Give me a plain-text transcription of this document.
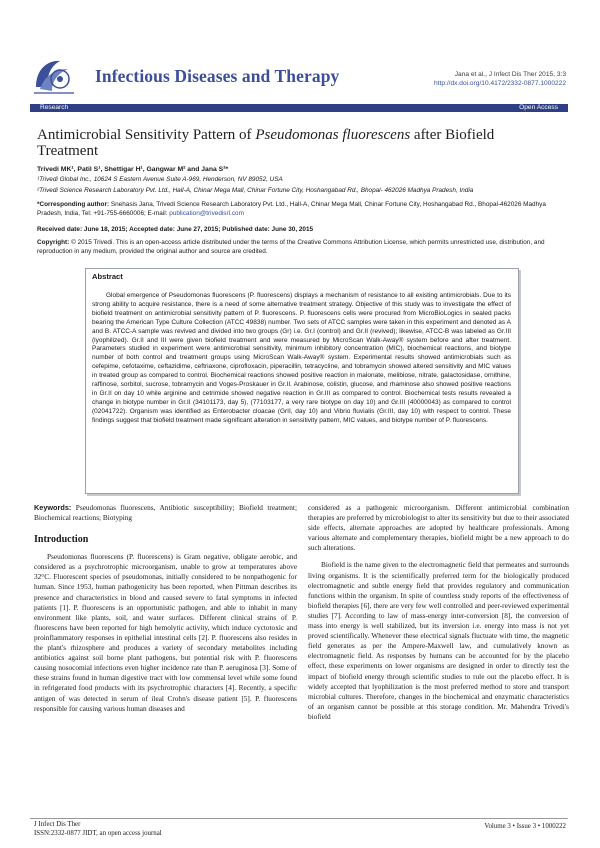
Infectious Diseases and Therapy	Jana et al., J Infect Dis Ther 2015, 3:3
http://dx.doi.org/10.4172/2332-0877.1000222
Research	Open Access
Antimicrobial Sensitivity Pattern of Pseudomonas fluorescens after Biofield Treatment
Trivedi MK¹, Patil S¹, Shettigar H¹, Gangwar M² and Jana S²*
¹Trivedi Global Inc., 10624 S Eastern Avenue Suite A-969, Henderson, NV 89052, USA
²Trivedi Science Research Laboratory Pvt. Ltd., Hall-A, Chinar Mega Mall, Chinar Fortune City, Hoshangabad Rd., Bhopal- 462026 Madhya Pradesh, India
*Corresponding author: Snehasis Jana, Trivedi Science Research Laboratory Pvt. Ltd., Hall-A, Chinar Mega Mall, Chinar Fortune City, Hoshangabad Rd., Bhopal-462026 Madhya Pradesh, India, Tel: +91-755-6660006; E-mail: publication@trivedisrl.com
Received date: June 18, 2015; Accepted date: June 27, 2015; Published date: June 30, 2015
Copyright: © 2015 Trivedi. This is an open-access article distributed under the terms of the Creative Commons Attribution License, which permits unrestricted use, distribution, and reproduction in any medium, provided the original author and source are credited.
Abstract
Global emergence of Pseudomonas fluorescens (P. fluorescens) displays a mechanism of resistance to all existing antimicrobials. Due to its strong ability to acquire resistance, there is a need of some alternative treatment strategy. Objective of this study was to investigate the effect of biofield treatment on antimicrobial sensitivity pattern of P. fluorescens. P. fluorescens cells were procured from MicroBioLogics in sealed packs bearing the American Type Culture Collection (ATCC 49838) number. Two sets of ATCC samples were taken in this experiment and denoted as A and B. ATCC-A sample was revived and divided into two groups (Gr) i.e. Gr.I (control) and Gr.II (revived); likewise, ATCC-B was labeled as Gr.III (lyophilized). Gr.II and III were given biofield treatment and were measured by MicroScan Walk-Away® system before and after treatment. Parameters studied in experiment were antimicrobial sensitivity, minimum inhibitory concentration (MIC), biochemical reactions, and biotype number of both control and treatment groups using MicroScan Walk-Away® system. Experimental results showed antimicrobials such as cefepime, cefotaxime, ceftazidime, ceftriaxone, ciprofloxacin, piperacillin, tetracycline, and tobramycin showed altered sensitivity and MIC values in treated group as compared to control. Biochemical reactions showed positive reaction in malonate, melibiose, nitrate, galactosidase, ornithine, raffinose, sorbitol, sucrose, tobramycin and Voges-Proskauer in Gr.II. Arabinose, colistin, glucose, and rhaminose also showed positive reactions in Gr.II on day 10 while arginine and cetrimide showed negative reaction in Gr.III as compared to control. Biochemical tests results revealed a change in biotype number in Gr.II (34101173, day 5), (77103177, a very rare biotype on day 10) and Gr.III (40000043) as compared to control (02041722). Organism was identified as Enterobacter cloacae (GrII, day 10) and Vibrio fluvialis (Gr.III, day 10) with respect to control. These findings suggest that biofield treatment made significant alteration in sensitivity pattern, MIC values, and biotype number of P. fluorescens.
Keywords: Pseudomonas fluorescens, Antibiotic susceptibility; Biofield treatment; Biochemical reactions; Biotyping
Introduction

Pseudomonas fluorescens (P. fluorescens) is Gram negative, obligate aerobic, and considered as a psychrotrophic microorganism, unable to grow at temperatures above 32°C. Fluorescent species of pseudomonas, initially considered to be nonpathogenic for human. Since 1953, human pathogenicity has been reported, when Pittman describes its presence and characteristics in blood and caused severe to fatal symptoms in infected patients [1]. P. fluorescens is an opportunistic pathogen, and able to inhabit in many environment like plants, soil, and water surfaces. Different clinical strains of P. fluorescens have been reported for high hemolytic activity, which induce cyctotoxic and proinflammatory responses in epithelial intestinal cells [2]. P. fluorescens also resides in the plant's rhizosphere and produces a variety of secondary metabolites including antibiotics against soil borne plant pathogens, but potential risk with P. fluorescens causing nosocomial infections even higher incidence rate than P. aeruginosa [3]. Some of these strains found in human digestive tract with low commensal level while some found in refrigerated food products with its psychrotrophic characters [4]. Recently, a specific antigen of was detected in serum of ileal Crohn's disease patient [5]. P. fluorescens responsible for causing various human diseases and

considered as a pathogenic microorganism. Different antimicrobial combination therapies are preferred by microbiologist to alter its sensitivity but due to their associated side effects, alternate approaches are adopted by healthcare professionals. Among various alternate and complementary therapies, biofield might be a new approach to do such alterations.

Biofield is the name given to the electromagnetic field that permeates and surrounds living organisms. It is the scientifically preferred term for the biologically produced electromagnetic and subtle energy field that provides regulatory and communication functions within the organism. In spite of countless study reports of the effectiveness of biofield therapies [6], there are very few well controlled and peer-reviewed experimental studies [7]. According to law of mass-energy inter-conversion [8], the conversion of mass into energy is well stabilized, but its inversion i.e. energy into mass is not yet proved scientifically. Whenever these electrical signals fluctuate with time, the magnetic field generates as per the Ampere-Maxwell law, and cumulatively known as electromagnetic field. As responses by humans can be accounted for by the placebo effect, these experiments on lower organisms are designed in order to directly test the impact of biofield energy through scientific studies to rule out the placebo effect. It is widely accepted that lyophilization is the most preferred method to store and transport microbial cultures. Therefore, changes in the biochemical and enzymatic characteristics of an organism cannot be possible at this storage condition. Mr. Mahendra Trivedi's biofield

J Infect Dis Ther
ISSN:2332-0877 JIDT, an open access journal
Volume 3 • Issue 3 • 1000222
